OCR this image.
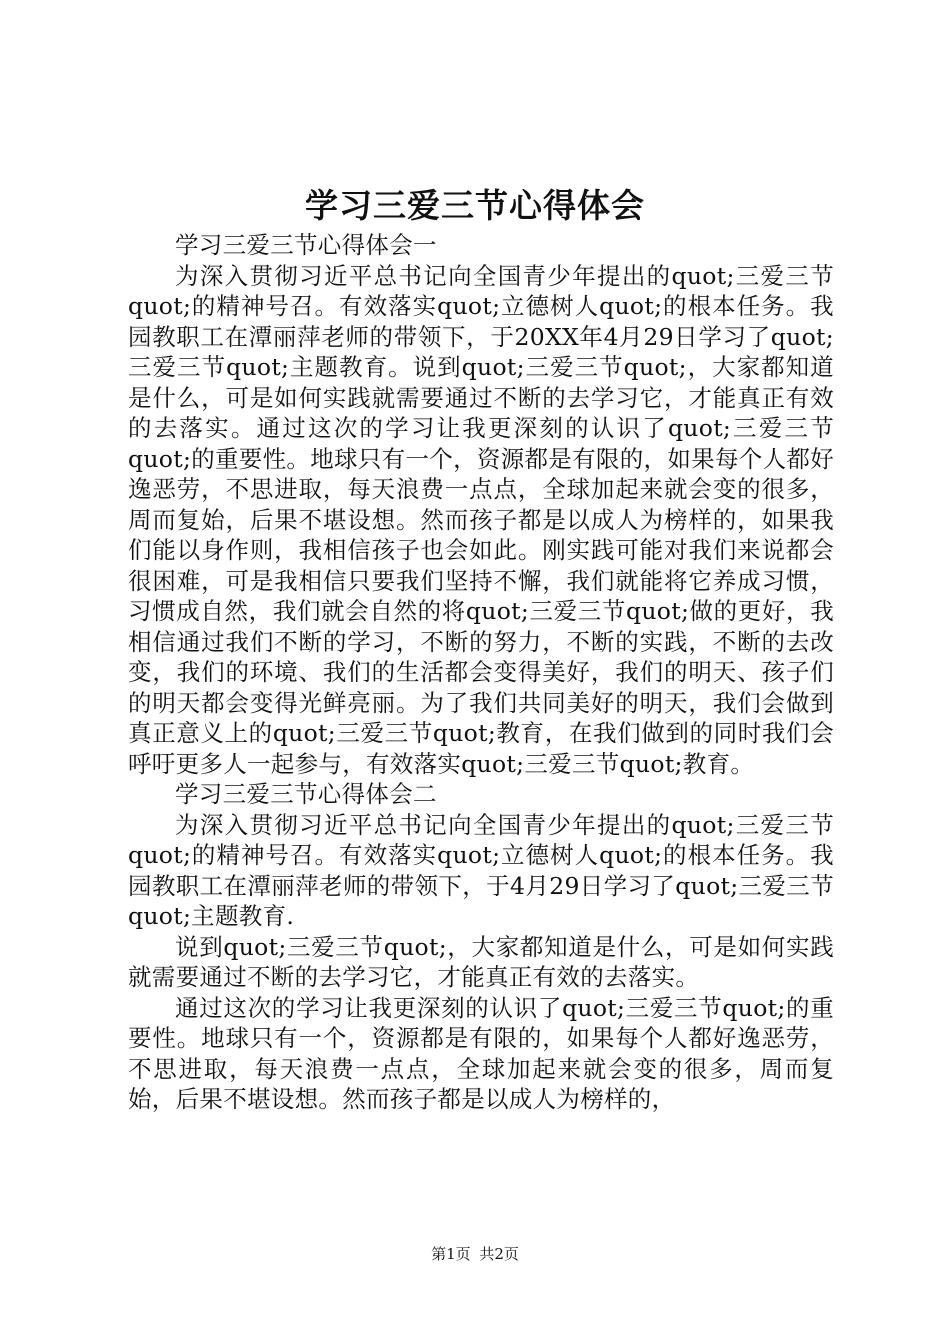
学习三爱三节心得体会

学习三爱三节心得体会一

为深入贯彻习近平总书记向全国青少年提出的quot;三爱三节quot;的精神号召。有效落实quot;立德树人quot;的根本任务。我园教职工在潭丽萍老师的带领下，于20XX年4月29日学习了quot;三爱三节quot;主题教育。说到quot;三爱三节quot;，大家都知道是什么，可是如何实践就需要通过不断的去学习它，才能真正有效的去落实。通过这次的学习让我更深刻的认识了quot;三爱三节quot;的重要性。地球只有一个，资源都是有限的，如果每个人都好逸恶劳，不思进取，每天浪费一点点，全球加起来就会变的很多，周而复始，后果不堪设想。然而孩子都是以成人为榜样的，如果我们能以身作则，我相信孩子也会如此。刚实践可能对我们来说都会很困难，可是我相信只要我们坚持不懈，我们就能将它养成习惯，习惯成自然，我们就会自然的将quot;三爱三节quot;做的更好，我相信通过我们不断的学习，不断的努力，不断的实践，不断的去改变，我们的环境、我们的生活都会变得美好，我们的明天、孩子们的明天都会变得光鲜亮丽。为了我们共同美好的明天，我们会做到真正意义上的quot;三爱三节quot;教育，在我们做到的同时我们会呼吁更多人一起参与，有效落实quot;三爱三节quot;教育。

学习三爱三节心得体会二

为深入贯彻习近平总书记向全国青少年提出的quot;三爱三节quot;的精神号召。有效落实quot;立德树人quot;的根本任务。我园教职工在潭丽萍老师的带领下，于4月29日学习了quot;三爱三节quot;主题教育.

说到quot;三爱三节quot;，大家都知道是什么，可是如何实践就需要通过不断的去学习它，才能真正有效的去落实。

通过这次的学习让我更深刻的认识了quot;三爱三节quot;的重要性。地球只有一个，资源都是有限的，如果每个人都好逸恶劳，不思进取，每天浪费一点点，全球加起来就会变的很多，周而复始，后果不堪设想。然而孩子都是以成人为榜样的，

第1页 共2页
